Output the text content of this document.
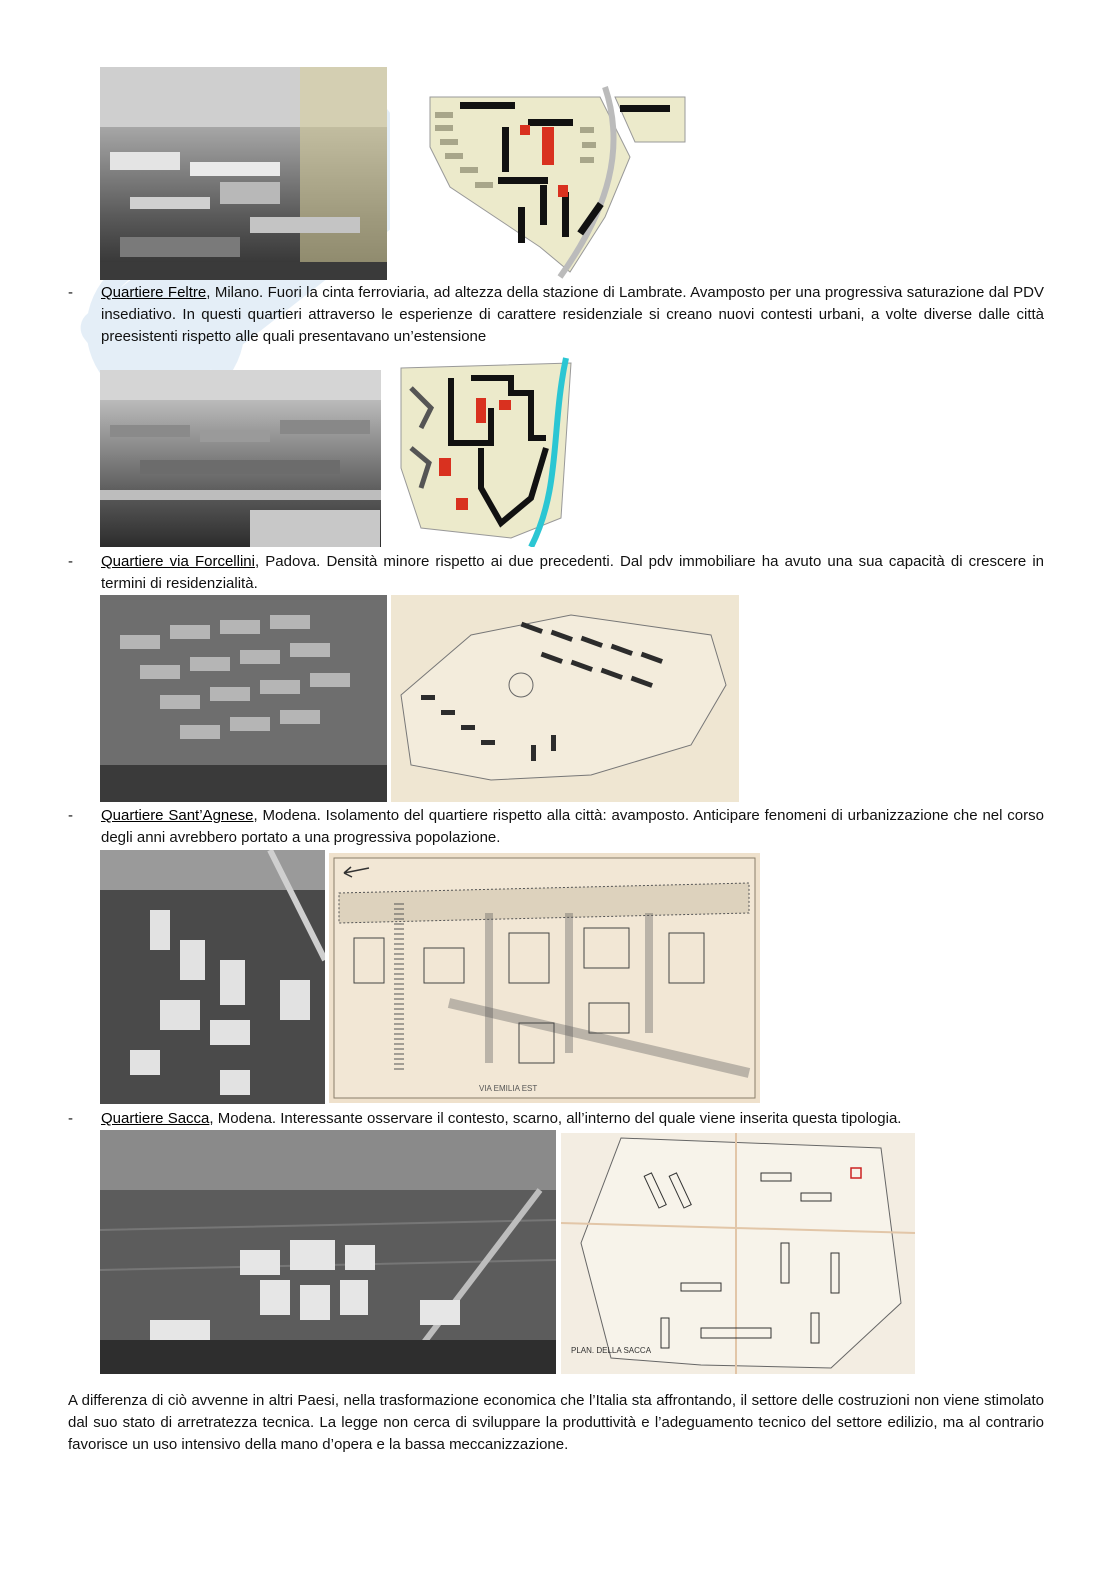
- Quartiere Feltre, Milano. Fuori la cinta ferroviaria, ad altezza della stazione di Lambrate. Avamposto per una progressiva saturazione dal PDV insediativo. In questi quartieri attraverso le esperienze di carattere residenziale si creano nuovi contesti urbani, a volte diverse dalle città preesistenti rispetto alle quali presentavano un’estensione
- Quartiere via Forcellini, Padova. Densità minore rispetto ai due precedenti. Dal pdv immobiliare ha avuto una sua capacità di crescere in termini di residenzialità.
- Quartiere Sant’Agnese, Modena. Isolamento del quartiere rispetto alla città: avamposto. Anticipare fenomeni di urbanizzazione che nel corso degli anni avrebbero portato a una progressiva popolazione.
VIA EMILIA EST
- Quartiere Sacca, Modena. Interessante osservare il contesto, scarno, all’interno del quale viene inserita questa tipologia.
PLAN. DELLA SACCA
A differenza di ciò avvenne in altri Paesi, nella trasformazione economica che l’Italia sta affrontando, il settore delle costruzioni non viene stimolato dal suo stato di arretratezza tecnica. La legge non cerca di sviluppare la produttività e l’adeguamento tecnico del settore edilizio, ma al contrario favorisce un uso intensivo della mano d’opera e la bassa meccanizzazione.
